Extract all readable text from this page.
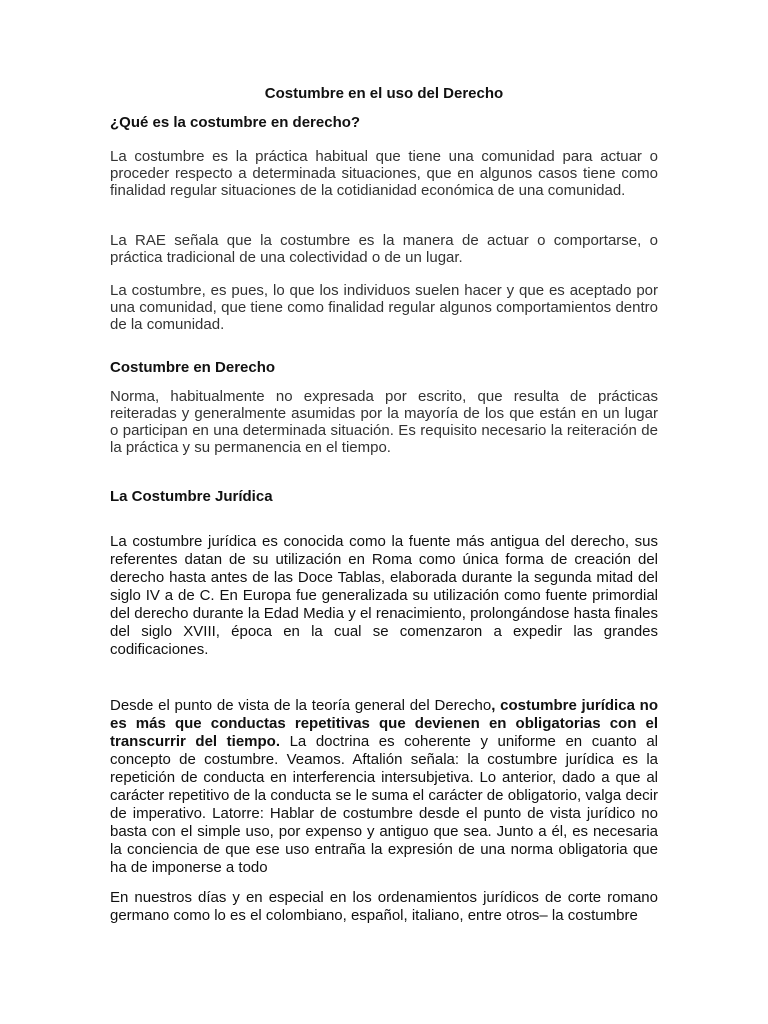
Costumbre en el uso del Derecho
¿Qué es la costumbre en derecho?
La costumbre es la práctica habitual que tiene una comunidad para actuar o proceder respecto a determinada situaciones, que en algunos casos tiene como finalidad regular situaciones de la cotidianidad económica de una comunidad.
La RAE señala que la costumbre es la manera de actuar o comportarse, o práctica tradicional de una colectividad o de un lugar.
La costumbre, es pues, lo que los individuos suelen hacer y que es aceptado por una comunidad, que tiene como finalidad regular algunos comportamientos dentro de la comunidad.
Costumbre en Derecho
Norma, habitualmente no expresada por escrito, que resulta de prácticas reiteradas y generalmente asumidas por la mayoría de los que están en un lugar o participan en una determinada situación. Es requisito necesario la reiteración de la práctica y su permanencia en el tiempo.
La Costumbre Jurídica
La costumbre jurídica es conocida como la fuente más antigua del derecho, sus referentes datan de su utilización en Roma como única forma de creación del derecho hasta antes de las Doce Tablas, elaborada durante la segunda mitad del siglo IV a de C. En Europa fue generalizada su utilización como fuente primordial del derecho durante la Edad Media y el renacimiento, prolongándose hasta finales del siglo XVIII, época en la cual se comenzaron a expedir las grandes codificaciones.
Desde el punto de vista de la teoría general del Derecho, costumbre jurídica no es más que conductas repetitivas que devienen en obligatorias con el transcurrir del tiempo. La doctrina es coherente y uniforme en cuanto al concepto de costumbre. Veamos. Aftalión señala: la costumbre jurídica es la repetición de conducta en interferencia intersubjetiva. Lo anterior, dado a que al carácter repetitivo de la conducta se le suma el carácter de obligatorio, valga decir de imperativo. Latorre: Hablar de costumbre desde el punto de vista jurídico no basta con el simple uso, por expenso y antiguo que sea. Junto a él, es necesaria la conciencia de que ese uso entraña la expresión de una norma obligatoria que ha de imponerse a todo
En nuestros días y en especial en los ordenamientos jurídicos de corte romano germano como lo es el colombiano, español, italiano, entre otros– la costumbre
